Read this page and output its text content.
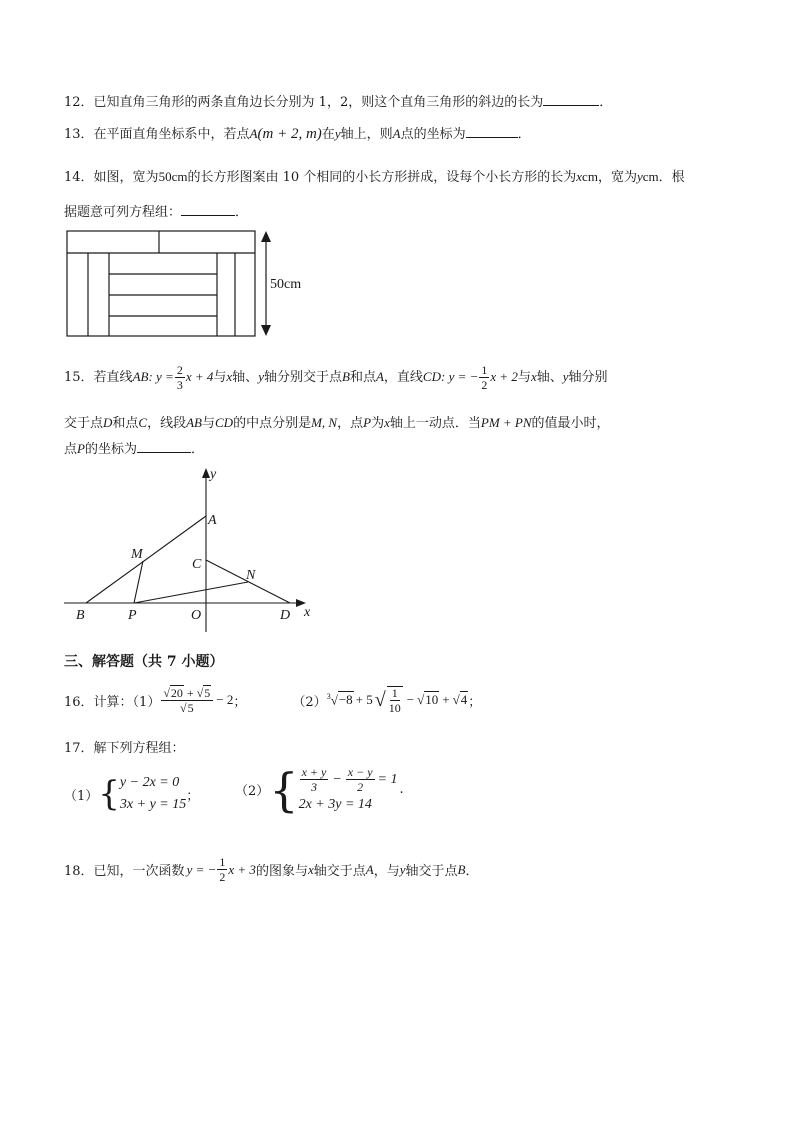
12．已知直角三角形的两条直角边长分别为 1，2，则这个直角三角形的斜边的长为	．
13．在平面直角坐标系中，若点A(m + 2, m)在y轴上，则A点的坐标为	．
14．如图，宽为50cm的长方形图案由 10 个相同的小长方形拼成，设每个小长方形的长为xcm，宽为ycm．根
据题意可列方程组：	．
50cm
15．若直线AB: $y = \frac{2}{3}$ x + 4与x轴、y轴分别交于点B和点A，直线CD: y = − $\frac{1}{2}$ x + 2与x轴、y轴分别
交于点D和点C，线段AB与CD的中点分别是M, N，点P为x轴上一动点．当PM + PN的值最小时，
点P的坐标为	．
y
x
A
M
C
N
B	P	O	D
三、解答题（共 7 小题）
16． 计算：$(1) \frac{√20 + √5}{√5} - 2$ ；	（2） $^3$√−8 + 5 √ $\frac{1}{10} - √10 + √4$ ；
17．解下列方程组：
（1） { y − 2x = 0
3x + y = 15
；	（2） { $\frac{x + y}{3} - \frac{x - y}{2} = 1$
2x + 3y = 14
.
18． 已知，一次函数 y = − $\frac{1}{2}$ x + 3 的图象与 x 轴交于点 A ，与 y 轴交于点 B ．
